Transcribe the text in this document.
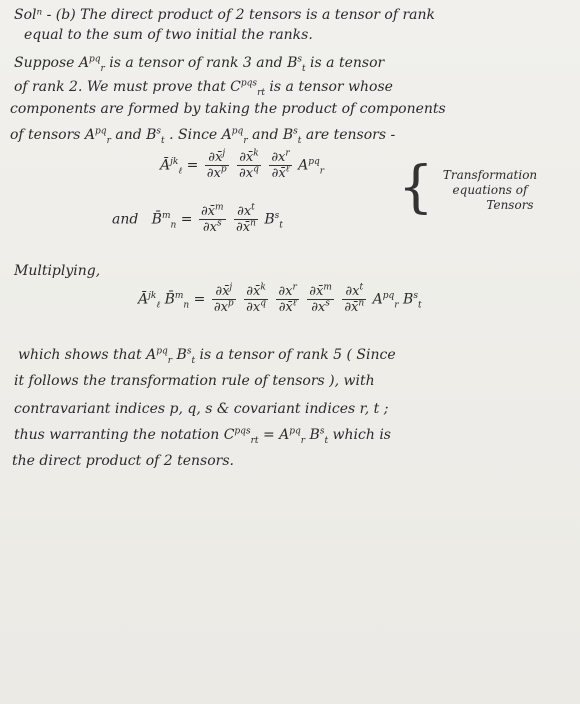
Solⁿ - (b) The direct product of 2 tensors is a tensor of rank
equal to the sum of two initial the ranks.
Suppose $A^{pq}_r$ is a tensor of rank 3 and $B^s_t$ is a tensor
of rank 2. We must prove that $C^{pqs}_{rt}$ is a tensor whose
components are formed by taking the product of components
of tensors $A^{pq}_r$ and $B^s_t$ . Since $A^{pq}_r$ and $B^s_t$ are tensors -
$Ā^{jk}_\ell = \frac{\partial x̄^j}{\partial x^p}$
$\frac{\partial x̄^k}{\partial x^q}$
$\frac{\partial x^r}{\partial x̄^\ell} A^{pq}_r$
and   B̄$^m_n$ = $\frac{\partial x̄^m}{\partial x^s}$
$\frac{\partial x^t}{\partial x̄^n} B^s_t$
{ Transformation
equations of
Tensors
Multiplying,
$Ā^{jk}_\ell$ B̄$^m_n$ = $\frac{\partial x̄^j}{\partial x^p}$
$\frac{\partial x̄^k}{\partial x^q}$
$\frac{\partial x^r}{\partial x̄^\ell}$
$\frac{\partial x̄^m}{\partial x^s}$
$\frac{\partial x^t}{\partial x̄^n} A^{pq}_r$ $B^s_t$
which shows that $A^{pq}_r$ $B^s_t$ is a tensor of rank 5 ( Since
it follows the transformation rule of tensors ), with
contravariant indices p, q, s & covariant indices r, t ;
thus warranting the notation $C^{pqs}_{rt} = A^{pq}_r$ $B^s_t$ which is
the direct product of 2 tensors.
